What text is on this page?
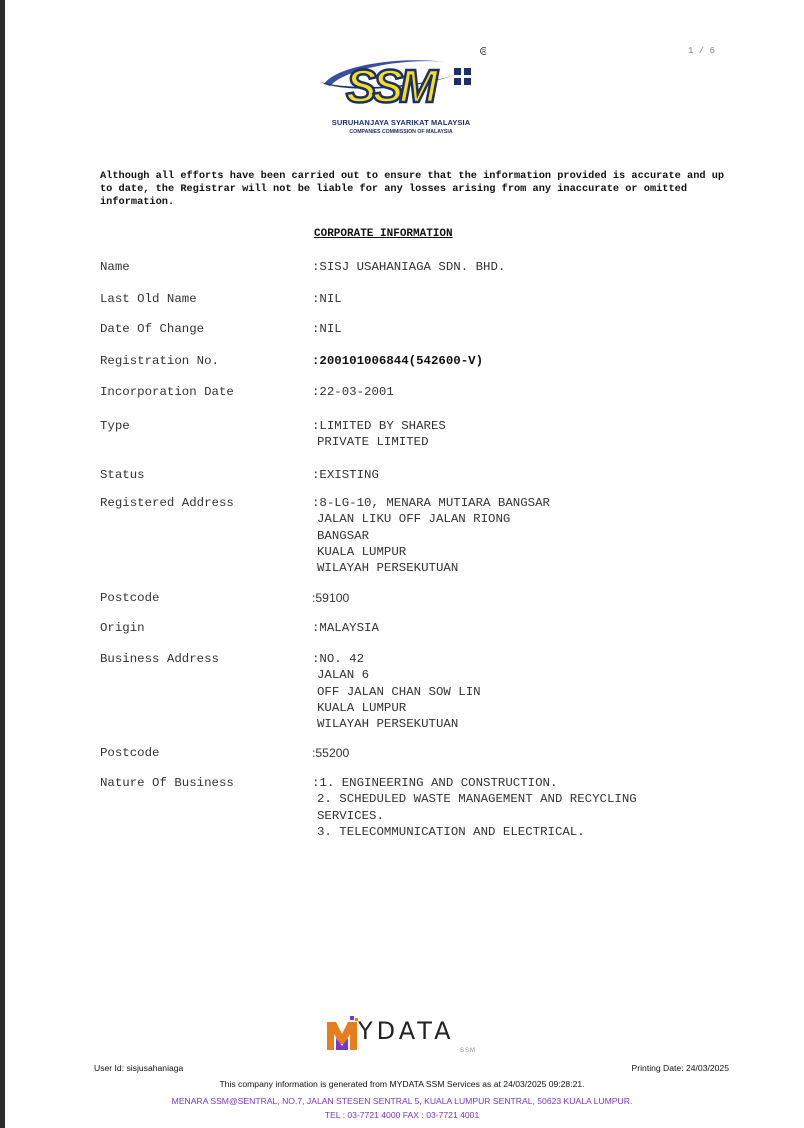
1 / 6
SSM
R
SURUHANJAYA SYARIKAT MALAYSIA
COMPANIES COMMISSION OF MALAYSIA
Although all efforts have been carried out to ensure that the information provided is accurate and up to date, the Registrar will not be liable for any losses arising from any inaccurate or omitted information.
CORPORATE INFORMATION
Name	:SISJ USAHANIAGA SDN. BHD.
Last Old Name	:NIL
Date Of Change	:NIL
Registration No.	:200101006844(542600-V)
Incorporation Date	:22-03-2001
Type	:LIMITED BY SHARES
PRIVATE LIMITED
Status	:EXISTING
Registered Address	:8-LG-10, MENARA MUTIARA BANGSAR
JALAN LIKU OFF JALAN RIONG
BANGSAR
KUALA LUMPUR
WILAYAH PERSEKUTUAN
Postcode	:59100
Origin	:MALAYSIA
Business Address	:NO. 42
JALAN 6
OFF JALAN CHAN SOW LIN
KUALA LUMPUR
WILAYAH PERSEKUTUAN
Postcode	:55200
Nature Of Business	:1. ENGINEERING AND CONSTRUCTION.
2. SCHEDULED WASTE MANAGEMENT AND RECYCLING
SERVICES.
3. TELECOMMUNICATION AND ELECTRICAL.
YDATA
SSM
User Id: sisjusahaniaga	Printing Date: 24/03/2025
This company information is generated from MYDATA SSM Services as at 24/03/2025 09:28:21.
MENARA SSM@SENTRAL, NO.7, JALAN STESEN SENTRAL 5, KUALA LUMPUR SENTRAL, 50623 KUALA LUMPUR.
TEL : 03-7721 4000 FAX : 03-7721 4001
